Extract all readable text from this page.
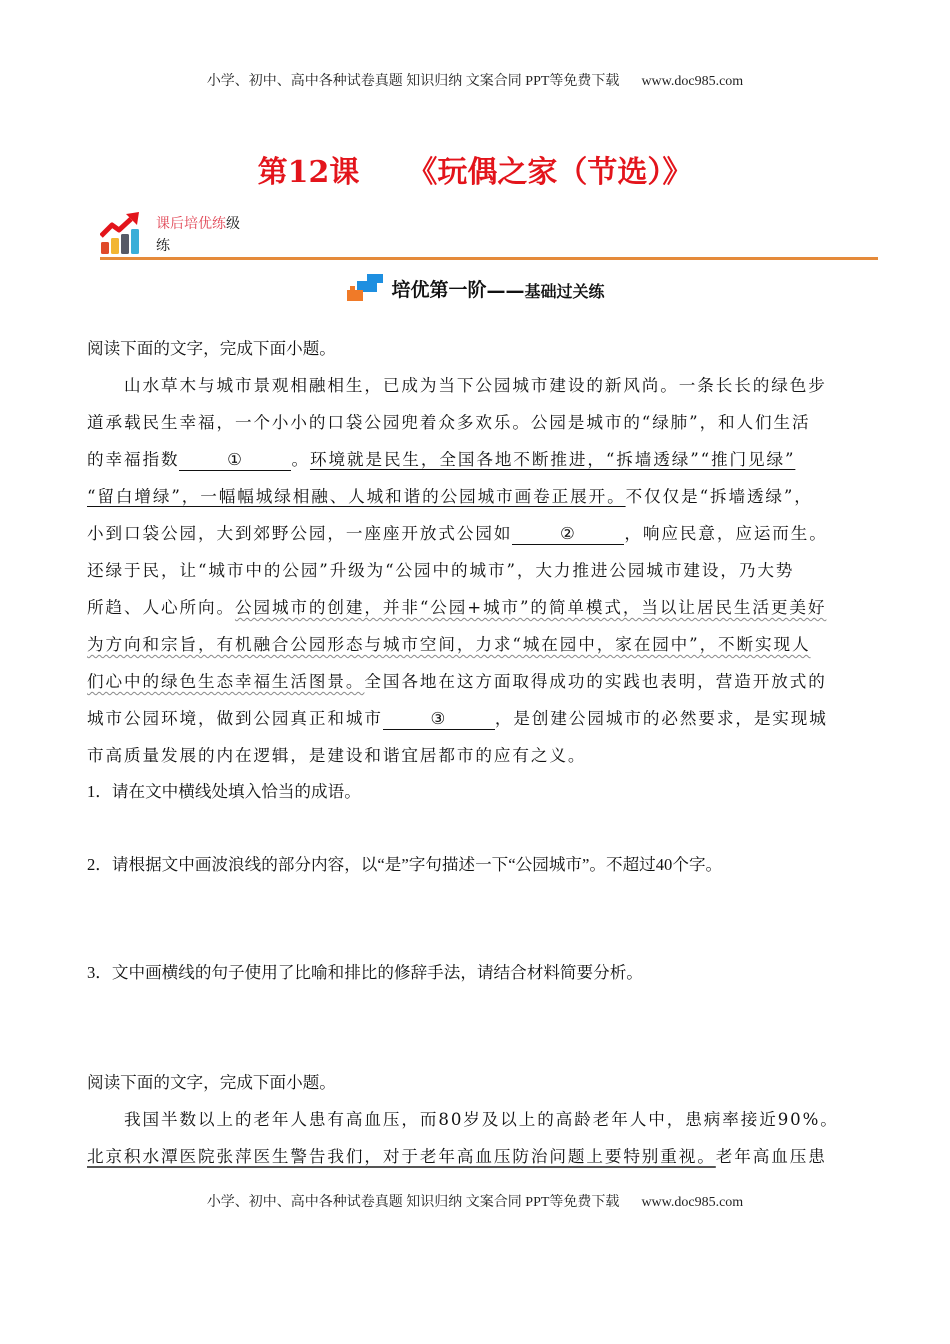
小学、初中、高中各种试卷真题 知识归纳 文案合同 PPT等免费下载 www.doc985.com
第12课 《玩偶之家（节选）》
课后培优练级
练
培优第一阶 —— 基础过关练
阅读下面的文字，完成下面小题。
　　山水草木与城市景观相融相生，已成为当下公园城市建设的新风尚。一条长长的绿色步
道承载民生幸福，一个小小的口袋公园兜着众多欢乐。公园是城市的“绿肺”，和人们生活
的幸福指数	①	。环境就是民生，全国各地不断推进，“拆墙透绿”“推门见绿”
“留白增绿”，一幅幅城绿相融、人城和谐的公园城市画卷正展开。不仅仅是“拆墙透绿”，
小到口袋公园，大到郊野公园，一座座开放式公园如	②	，响应民意，应运而生。
还绿于民，让“城市中的公园”升级为“公园中的城市”，大力推进公园城市建设，乃大势
所趋、人心所向。公园城市的创建，并非“公园+城市”的简单模式，当以让居民生活更美好
为方向和宗旨，有机融合公园形态与城市空间，力求“城在园中，家在园中”，不断实现人
们心中的绿色生态幸福生活图景。全国各地在这方面取得成功的实践也表明，营造开放式的
城市公园环境，做到公园真正和城市	③	，是创建公园城市的必然要求，是实现城
市高质量发展的内在逻辑，是建设和谐宜居都市的应有之义。
1．请在文中横线处填入恰当的成语。
2．请根据文中画波浪线的部分内容，以“是”字句描述一下“公园城市”。不超过40个字。
3．文中画横线的句子使用了比喻和排比的修辞手法，请结合材料简要分析。
阅读下面的文字，完成下面小题。
　　我国半数以上的老年人患有高血压，而80岁及以上的高龄老年人中，患病率接近90%。
北京积水潭医院张萍医生警告我们，对于老年高血压防治问题上要特别重视。老年高血压患
小学、初中、高中各种试卷真题 知识归纳 文案合同 PPT等免费下载 www.doc985.com
